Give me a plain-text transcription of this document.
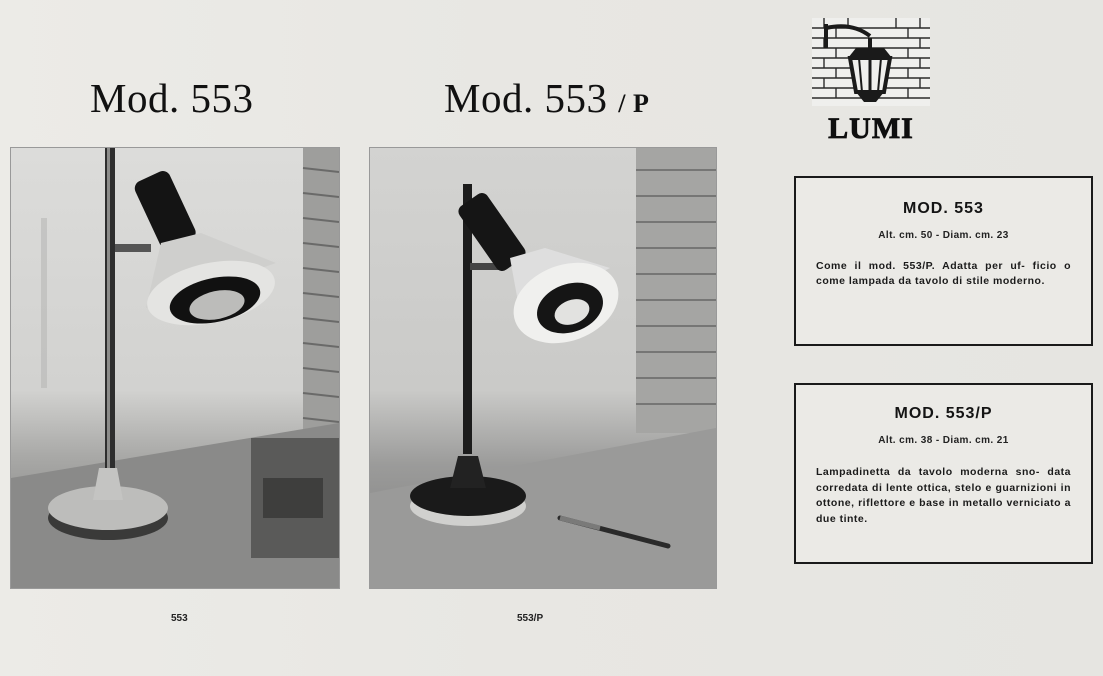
Mod. 553	Mod. 553 / P
553	553/P
LUMI
MOD. 553
Alt. cm. 50 - Diam. cm. 23
Come il mod. 553/P. Adatta per uf- ficio o come lampada da tavolo di stile moderno.
MOD. 553/P
Alt. cm. 38 - Diam. cm. 21
Lampadinetta da tavolo moderna sno- data corredata di lente ottica, stelo e guarnizioni in ottone, riflettore e base in metallo verniciato a due tinte.
